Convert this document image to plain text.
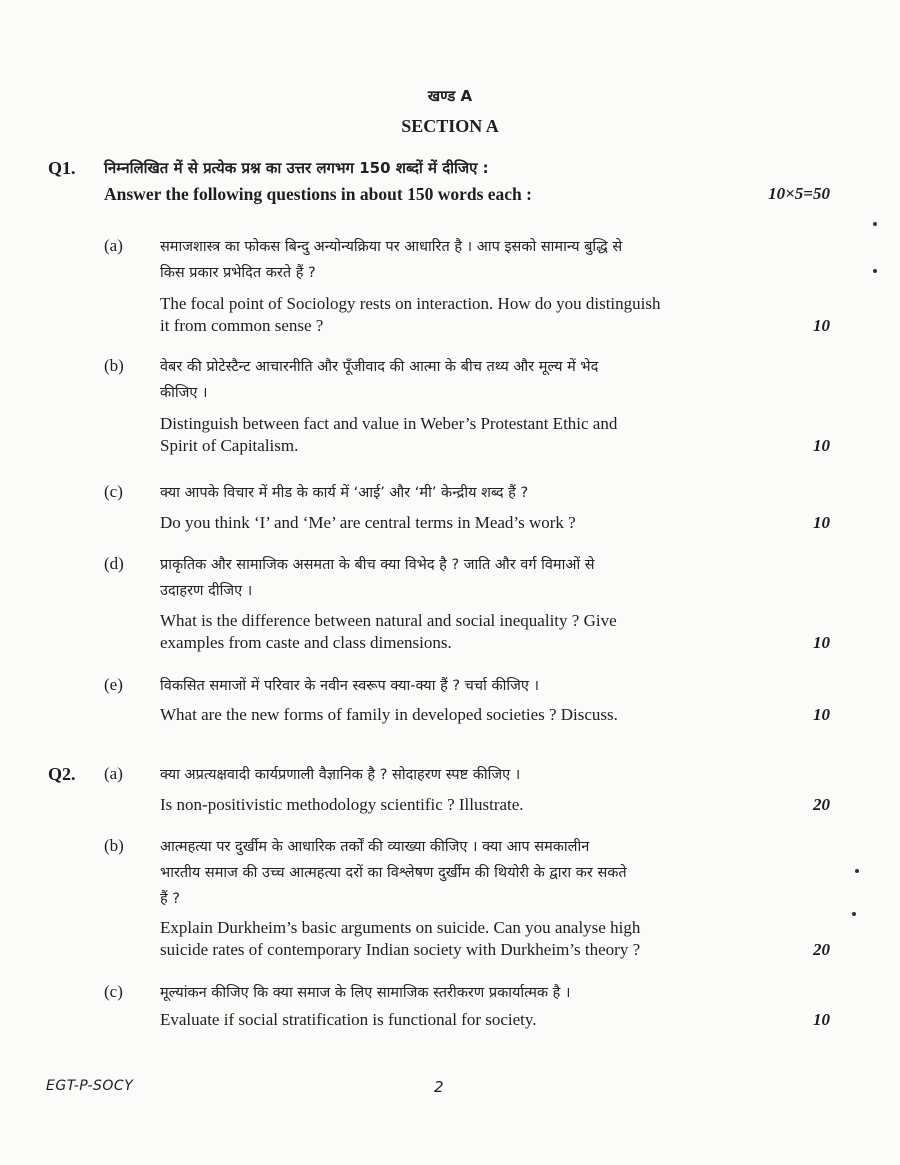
खण्ड A
SECTION A
Q1. निम्नलिखित में से प्रत्येक प्रश्न का उत्तर लगभग 150 शब्दों में दीजिए :
Answer the following questions in about 150 words each :	10×5=50
(a)	समाजशास्त्र का फोकस बिन्दु अन्योन्यक्रिया पर आधारित है । आप इसको सामान्य बुद्धि से
किस प्रकार प्रभेदित करते हैं ?
The focal point of Sociology rests on interaction. How do you distinguish
it from common sense ?	10
(b) वेबर की प्रोटेस्टैन्ट आचारनीति और पूँजीवाद की आत्मा के बीच तथ्य और मूल्य में भेद
कीजिए ।
Distinguish between fact and value in Weber’s Protestant Ethic and
Spirit of Capitalism.	10
(c)	क्या आपके विचार में मीड के कार्य में ‘आई’ और ‘मी’ केन्द्रीय शब्द हैं ?
Do you think ‘I’ and ‘Me’ are central terms in Mead’s work ?	10
(d) प्राकृतिक और सामाजिक असमता के बीच क्या विभेद है ? जाति और वर्ग विमाओं से
उदाहरण दीजिए ।
What is the difference between natural and social inequality ? Give
examples from caste and class dimensions.	10
(e)	विकसित समाजों में परिवार के नवीन स्वरूप क्या-क्या हैं ? चर्चा कीजिए ।
What are the new forms of family in developed societies ? Discuss.	10
Q2. (a)	क्या अप्रत्यक्षवादी कार्यप्रणाली वैज्ञानिक है ? सोदाहरण स्पष्ट कीजिए ।
Is non-positivistic methodology scientific ? Illustrate.	20
(b) आत्महत्या पर दुर्खीम के आधारिक तर्कों की व्याख्या कीजिए । क्या आप समकालीन
भारतीय समाज की उच्च आत्महत्या दरों का विश्लेषण दुर्खीम की थियोरी के द्वारा कर सकते
हैं ?
Explain Durkheim’s basic arguments on suicide. Can you analyse high
suicide rates of contemporary Indian society with Durkheim’s theory ?	20
(c)	मूल्यांकन कीजिए कि क्या समाज के लिए सामाजिक स्तरीकरण प्रकार्यात्मक है ।
Evaluate if social stratification is functional for society.	10
EGT-P-SOCY	2
